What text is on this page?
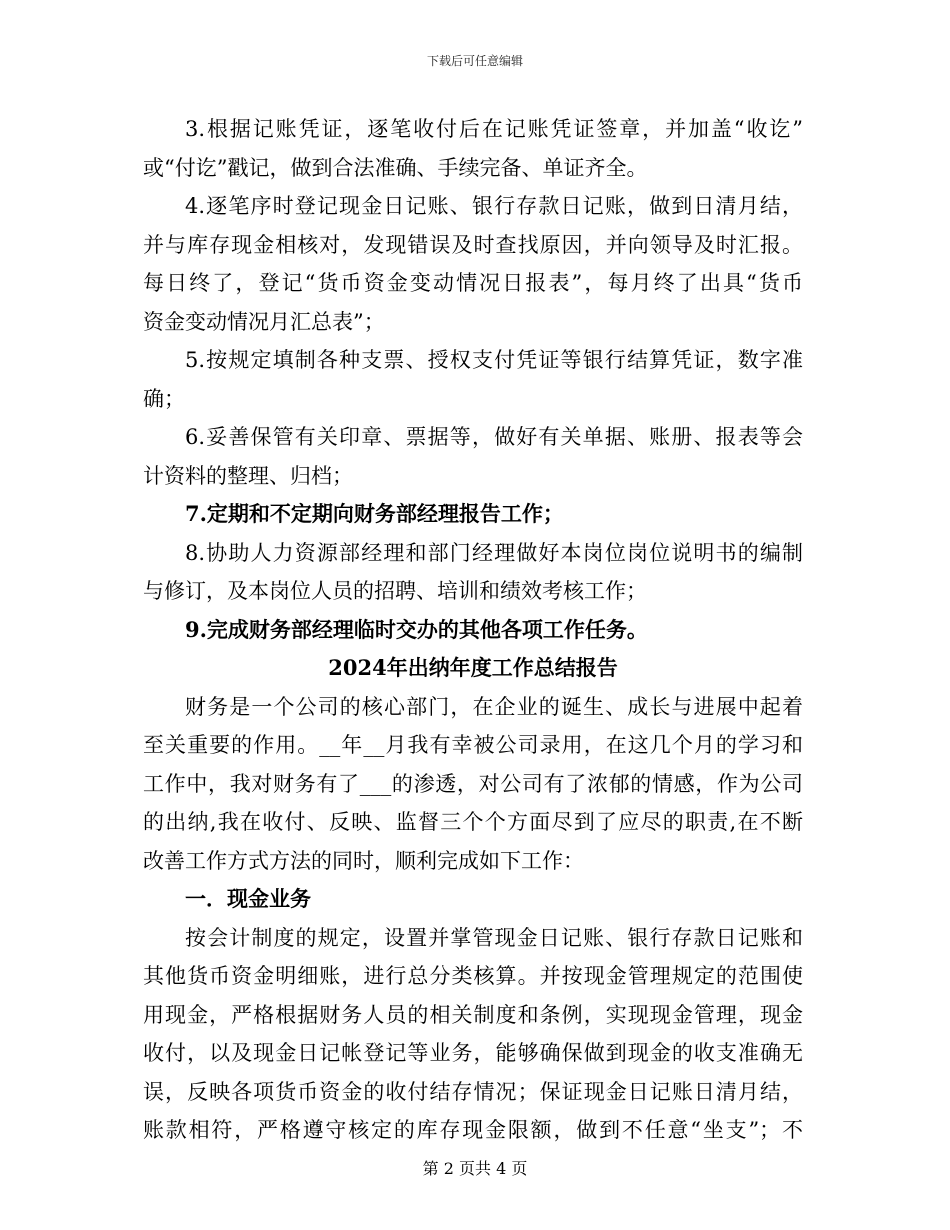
下载后可任意编辑
3.根据记账凭证，逐笔收付后在记账凭证签章，并加盖“收讫”
或“付讫”戳记，做到合法准确、手续完备、单证齐全。
4.逐笔序时登记现金日记账、银行存款日记账，做到日清月结，
并与库存现金相核对，发现错误及时查找原因，并向领导及时汇报。
每日终了，登记“货币资金变动情况日报表”，每月终了出具“货币
资金变动情况月汇总表”；
5.按规定填制各种支票、授权支付凭证等银行结算凭证，数字准
确；
6.妥善保管有关印章、票据等，做好有关单据、账册、报表等会
计资料的整理、归档；
7.定期和不定期向财务部经理报告工作；
8.协助人力资源部经理和部门经理做好本岗位岗位说明书的编制
与修订，及本岗位人员的招聘、培训和绩效考核工作；
9.完成财务部经理临时交办的其他各项工作任务。
2024年出纳年度工作总结报告
财务是一个公司的核心部门，在企业的诞生、成长与进展中起着
至关重要的作用。__年__月我有幸被公司录用，在这几个月的学习和
工作中，我对财务有了___的渗透，对公司有了浓郁的情感，作为公司
的出纳,我在收付、反映、监督三个个方面尽到了应尽的职责,在不断
改善工作方式方法的同时，顺利完成如下工作：
一．现金业务
按会计制度的规定，设置并掌管现金日记账、银行存款日记账和
其他货币资金明细账，进行总分类核算。并按现金管理规定的范围使
用现金，严格根据财务人员的相关制度和条例，实现现金管理，现金
收付，以及现金日记帐登记等业务，能够确保做到现金的收支准确无
误，反映各项货币资金的收付结存情况；保证现金日记账日清月结，
账款相符，严格遵守核定的库存现金限额，做到不任意“坐支”；不
第 2 页共 4 页
